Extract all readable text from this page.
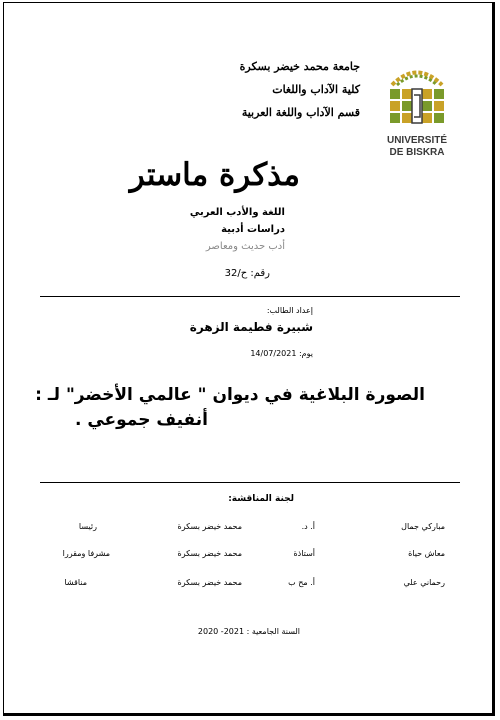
جامعة محمد خيضر بسكرة
كلية الآداب واللغات
قسم الآداب واللغة العربية
UNIVERSITÉ
DE BISKRA
مذكرة ماستر
اللغة والأدب العربي
دراسات أدبية
أدب حديث ومعاصر
رقم: ح/32
إعداد الطالب:
شبيرة فطيمة الزهرة
يوم: 14/07/2021
الصورة البلاغية في ديوان " عالمي الأخضر" لـ :
أنفيف جموعي .
لجنة المناقشة:
مباركي جمال
أ. د.
محمد خيضر بسكرة
رئيسا
معاش حياة
أستاذة
محمد خيضر بسكرة
مشرفا ومقررا
رحماني علي
أ. مح ب
محمد خيضر بسكرة
مناقشا
السنة الجامعية : 2021- 2020
